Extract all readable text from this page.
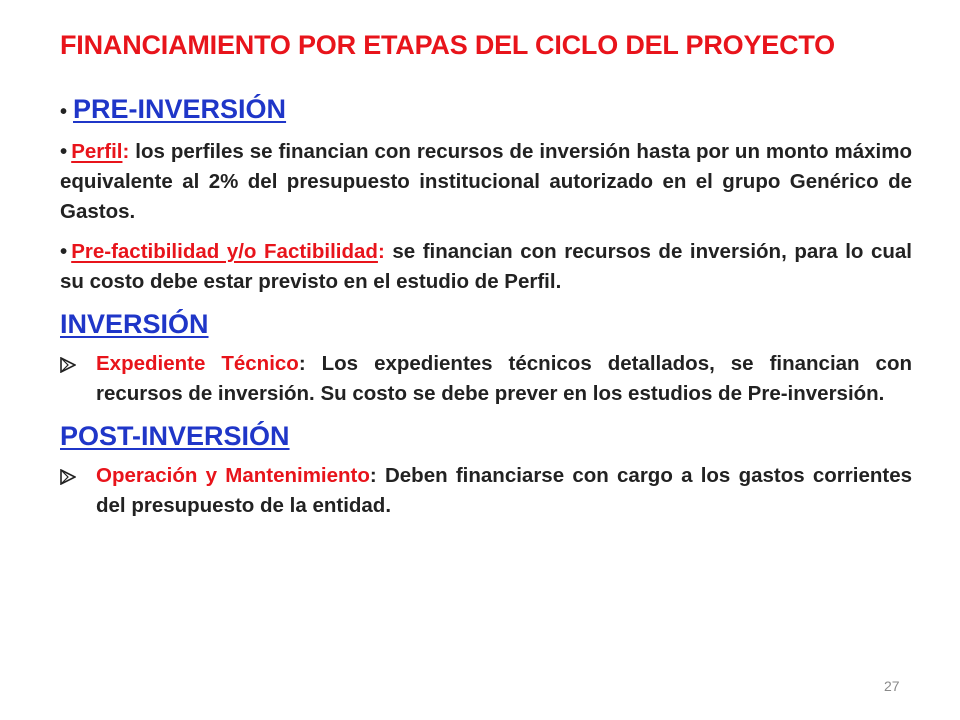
FINANCIAMIENTO POR ETAPAS DEL CICLO DEL PROYECTO
• PRE-INVERSIÓN

• Perfil: los perfiles se financian con recursos de inversión hasta por un monto máximo equivalente al 2% del presupuesto institucional autorizado en el grupo Genérico de Gastos.

• Pre-factibilidad y/o Factibilidad: se financian con recursos de inversión, para lo cual su costo debe estar previsto en el estudio de Perfil.

INVERSIÓN
Expediente Técnico: Los expedientes técnicos detallados, se financian con recursos de inversión. Su costo se debe prever en los estudios de Pre-inversión.
POST-INVERSIÓN
Operación y Mantenimiento: Deben financiarse con cargo a los gastos corrientes del presupuesto de la entidad.
27
